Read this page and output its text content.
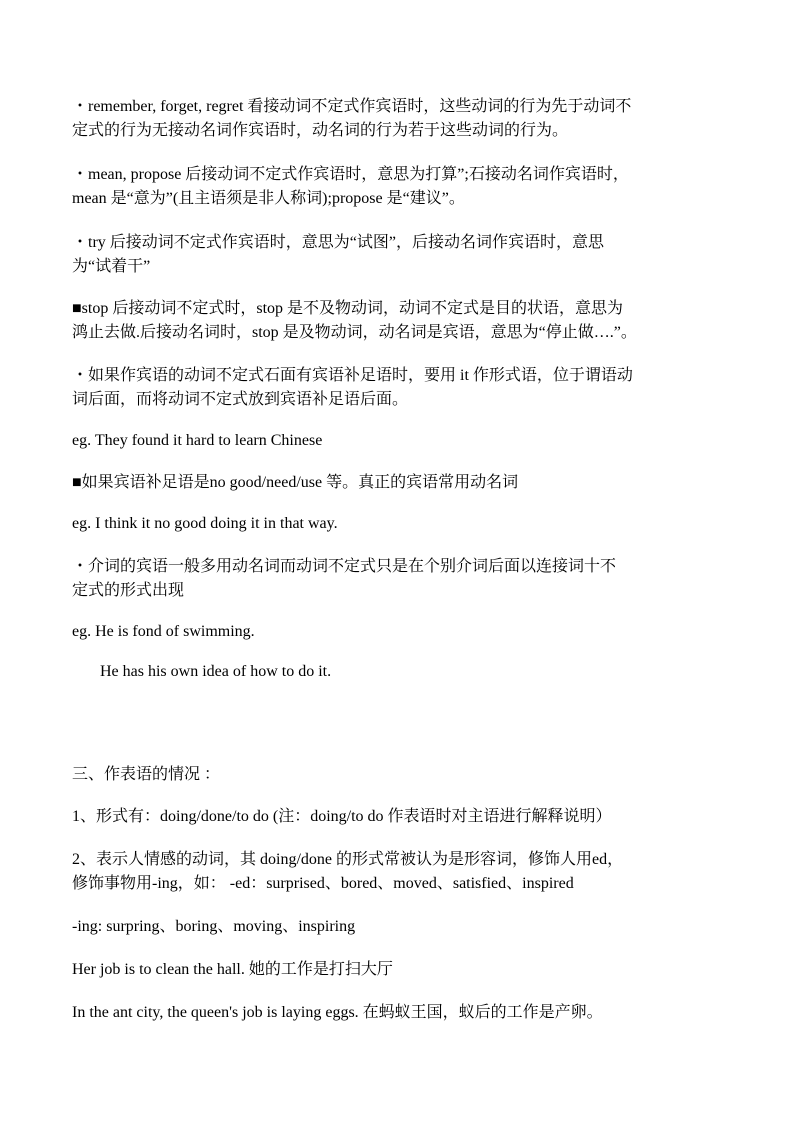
・remember, forget, regret 看接动词不定式作宾语时，这些动词的行为先于动词不
定式的行为无接动名词作宾语时，动名词的行为若于这些动词的行为。
・mean, propose 后接动词不定式作宾语时，意思为打算”;石接动名词作宾语时，
mean 是“意为”(且主语须是非人称词);propose 是“建议”。
・try 后接动词不定式作宾语时，意思为“试图”，后接动名词作宾语时，意思
为“试着干”
■stop 后接动词不定式时，stop 是不及物动词，动词不定式是目的状语，意思为
鸿止去做.后接动名词时，stop 是及物动词，动名词是宾语，意思为“停止做….”。
・如果作宾语的动词不定式石面有宾语补足语时，要用 it 作形式语，位于谓语动
词后面，而将动词不定式放到宾语补足语后面。
eg. They found it hard to learn Chinese
■如果宾语补足语是no good/need/use 等。真正的宾语常用动名词
eg. I think it no good doing it in that way.
・介词的宾语一般多用动名词而动词不定式只是在个别介词后面以连接词十不
定式的形式出现
eg. He is fond of swimming.
He has his own idea of how to do it.
三、作表语的情况 ：
1、形式有：doing/done/to do (注：doing/to do 作表语时对主语进行解释说明）
2、表示人情感的动词，其 doing/done 的形式常被认为是形容词，修饰人用ed，
修饰事物用-ing，如： -ed：surprised、bored、moved、satisfied、inspired
-ing: surpring、boring、moving、inspiring
Her job is to clean the hall. 她的工作是打扫大厅
In the ant city, the queen's job is laying eggs. 在蚂蚁王国，蚁后的工作是产卵。
